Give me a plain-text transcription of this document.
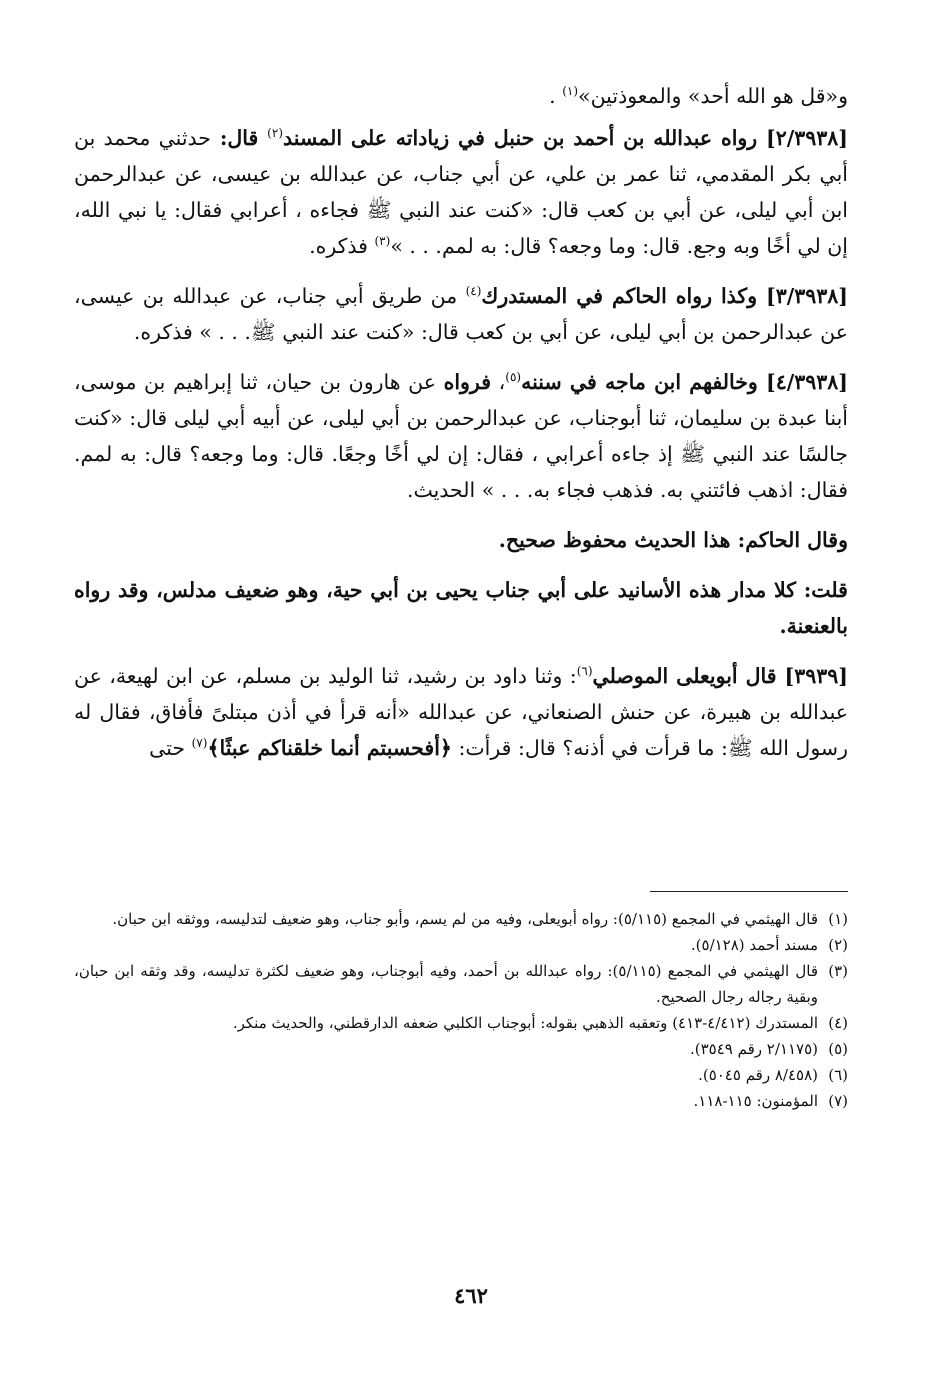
و«قل هو الله أحد» والمعوذتين»$^{(١)}$ .

[٢/٣٩٣٨] رواه عبدالله بن أحمد بن حنبل في زياداته على المسند$^{(٢)}$ قال: حدثني محمد بن أبي بكر المقدمي، ثنا عمر بن علي، عن أبي جناب، عن عبدالله بن عيسى، عن عبدالرحمن ابن أبي ليلى، عن أبي بن كعب قال: «كنت عند النبي ﷺ فجاءه ، أعرابي فقال: يا نبي الله، إن لي أخًا وبه وجع. قال: وما وجعه؟ قال: به لمم. . . »$^{(٣)}$ فذكره.

[٣/٣٩٣٨] وكذا رواه الحاكم في المستدرك$^{(٤)}$ من طريق أبي جناب، عن عبدالله بن عيسى، عن عبدالرحمن بن أبي ليلى، عن أبي بن كعب قال: «كنت عند النبي ﷺ. . . » فذكره.

[٤/٣٩٣٨] وخالفهم ابن ماجه في سننه$^{(٥)}$، فرواه عن هارون بن حيان، ثنا إبراهيم بن موسى، أبنا عبدة بن سليمان، ثنا أبوجناب، عن عبدالرحمن بن أبي ليلى، عن أبيه أبي ليلى قال: «كنت جالسًا عند النبي ﷺ إذ جاءه أعرابي ، فقال: إن لي أخًا وجعًا. قال: وما وجعه؟ قال: به لمم. فقال: اذهب فائتني به. فذهب فجاء به. . . » الحديث.

وقال الحاكم: هذا الحديث محفوظ صحيح.

قلت: كلا مدار هذه الأسانيد على أبي جناب يحيى بن أبي حية، وهو ضعيف مدلس، وقد رواه بالعنعنة.

[٣٩٣٩] قال أبويعلى الموصلي$^{(٦)}$: وثنا داود بن رشيد، ثنا الوليد بن مسلم، عن ابن لهيعة، عن عبدالله بن هبيرة، عن حنش الصنعاني، عن عبدالله «أنه قرأ في أذن مبتلىً فأفاق، فقال له رسول الله ﷺ: ما قرأت في أذنه؟ قال: قرأت: ﴿أفحسبتم أنما خلقناكم عبثًا﴾$^{(٧)}$ حتى

(١)
قال الهيثمي في المجمع (٥/١١٥): رواه أبويعلى، وفيه من لم يسم، وأبو جناب، وهو ضعيف لتدليسه، ووثقه ابن حبان.
(٢)
مسند أحمد (٥/١٢٨).
(٣)
قال الهيثمي في المجمع (٥/١١٥): رواه عبدالله بن أحمد، وفيه أبوجناب، وهو ضعيف لكثرة تدليسه، وقد وثقه ابن حبان، وبقية رجاله رجال الصحيح.
(٤)
المستدرك (٤/٤١٢-٤١٣) وتعقبه الذهبي بقوله: أبوجناب الكلبي ضعفه الدارقطني، والحديث منكر.
(٥)
(٢/١١٧٥ رقم ٣٥٤٩).
(٦)
(٨/٤٥٨ رقم ٥٠٤٥).
(٧)
المؤمنون: ١١٥-١١٨.
٤٦٢
